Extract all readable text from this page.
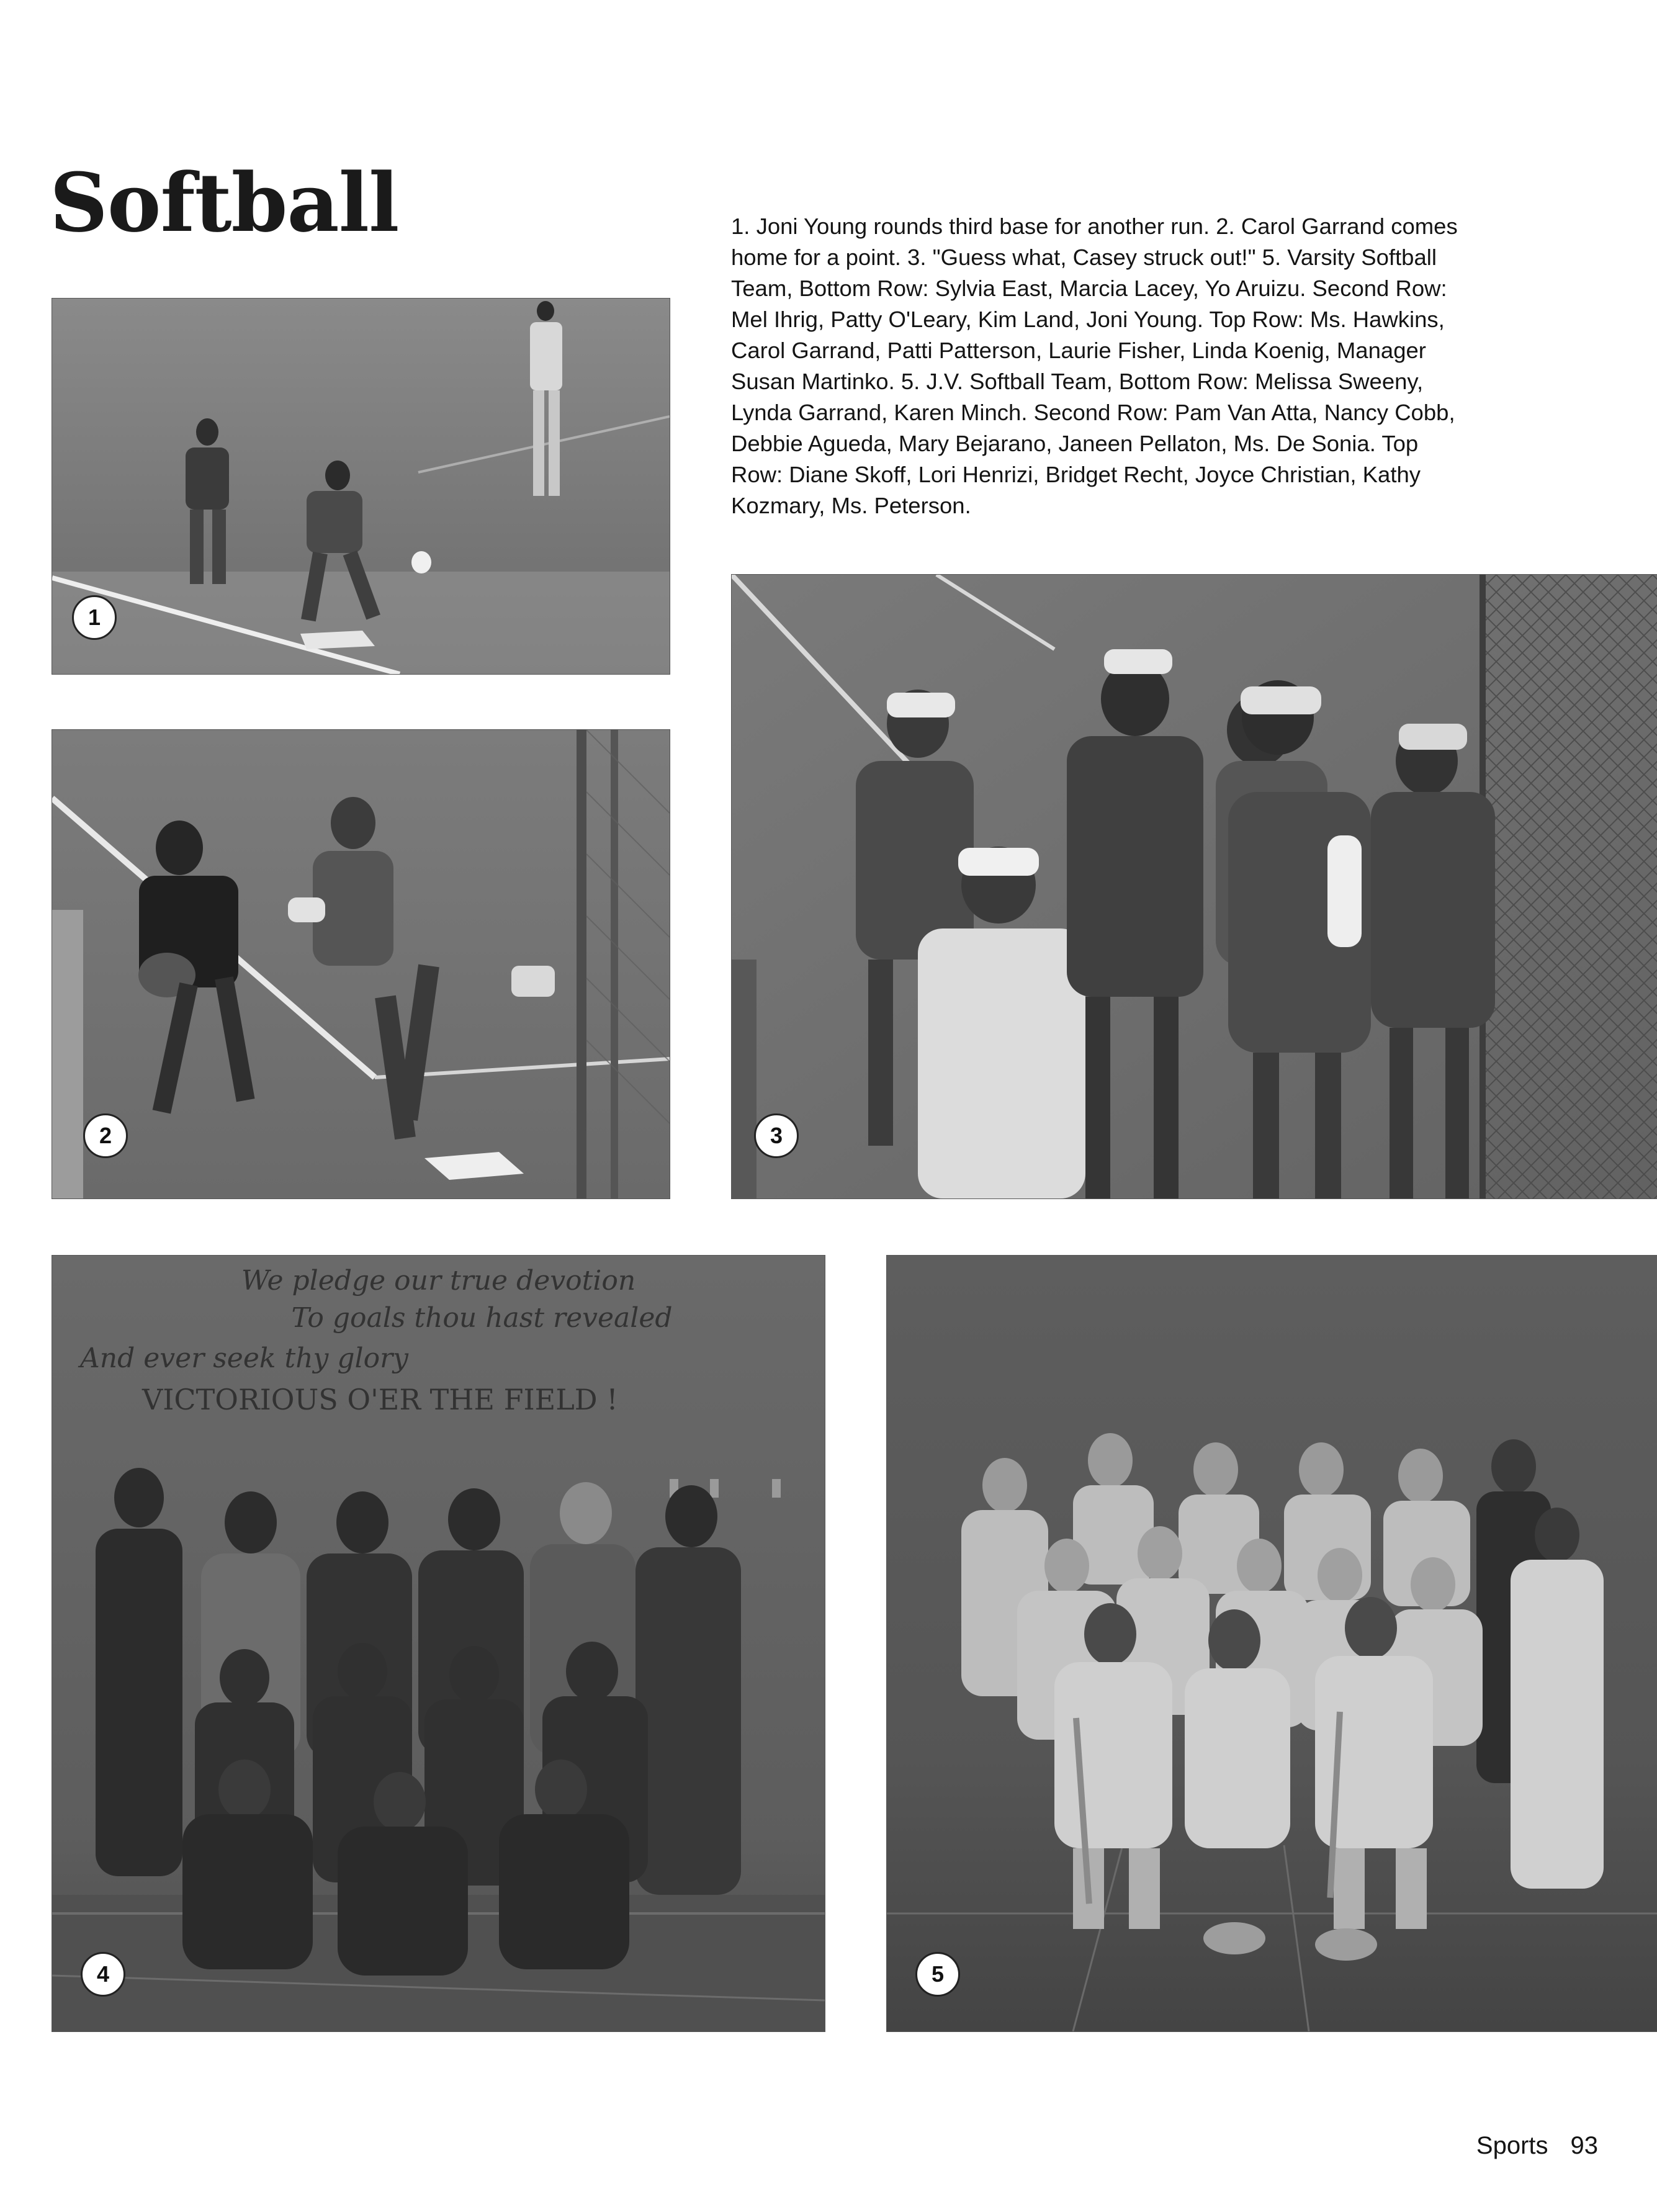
Softball	1. Joni Young rounds third base for another run. 2. Carol Garrand comes home for a point. 3. "Guess what, Casey struck out!" 5. Varsity Softball Team, Bottom Row: Sylvia East, Marcia Lacey, Yo Aruizu. Second Row: Mel Ihrig, Patty O'Leary, Kim Land, Joni Young. Top Row: Ms. Hawkins, Carol Garrand, Patti Patterson, Laurie Fisher, Linda Koenig, Manager Susan Martinko. 5. J.V. Softball Team, Bottom Row: Melissa Sweeny, Lynda Garrand, Karen Minch. Second Row: Pam Van Atta, Nancy Cobb, Debbie Agueda, Mary Bejarano, Janeen Pellaton, Ms. De Sonia. Top Row: Diane Skoff, Lori Henrizi, Bridget Recht, Joyce Christian, Kathy Kozmary, Ms. Peterson.

1
2	3
We pledge our true devotion
To goals thou hast revealed
And ever seek thy glory
VICTORIOUS O'ER THE FIELD !
4	5
Sports 93
